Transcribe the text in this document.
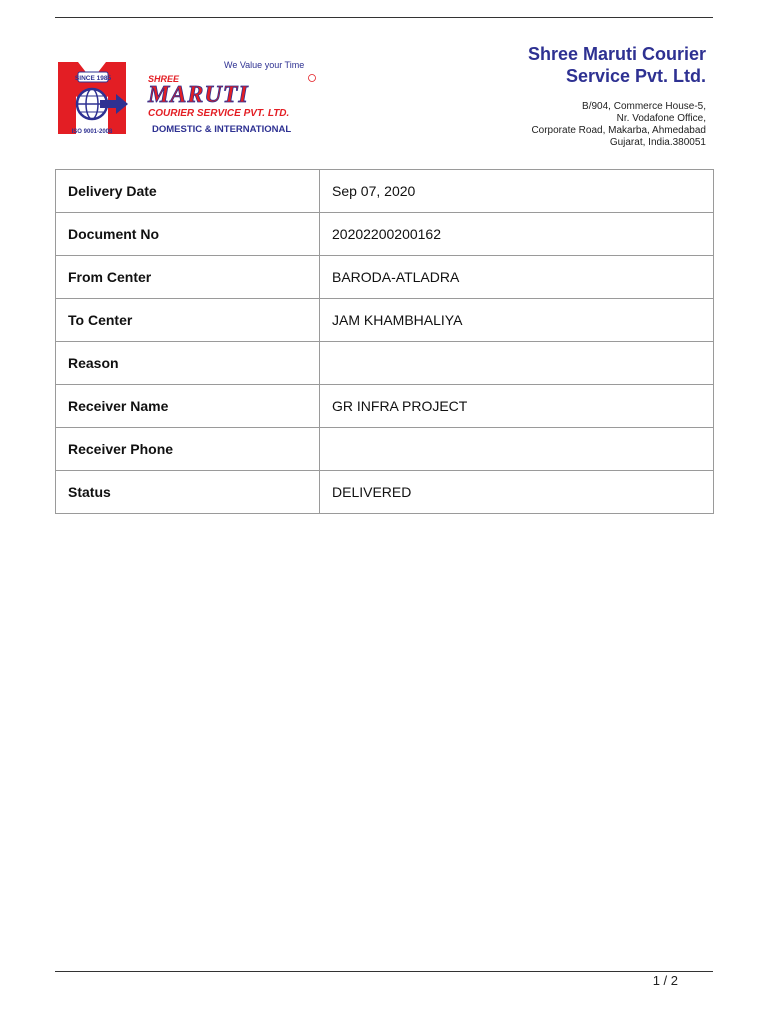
SINCE 1985
ISO 9001-2008
We Value your Time
SHREE
MARUTI
COURIER SERVICE PVT. LTD.
DOMESTIC & INTERNATIONAL
Shree Maruti Courier
Service Pvt. Ltd.
B/904, Commerce House-5,
Nr. Vodafone Office,
Corporate Road, Makarba, Ahmedabad
Gujarat, India.380051
Delivery Date	Sep 07, 2020
Document No	20202200200162
From Center	BARODA-ATLADRA
To Center	JAM KHAMBHALIYA
Reason	
Receiver Name	GR INFRA PROJECT
Receiver Phone	
Status	DELIVERED
1 / 2
